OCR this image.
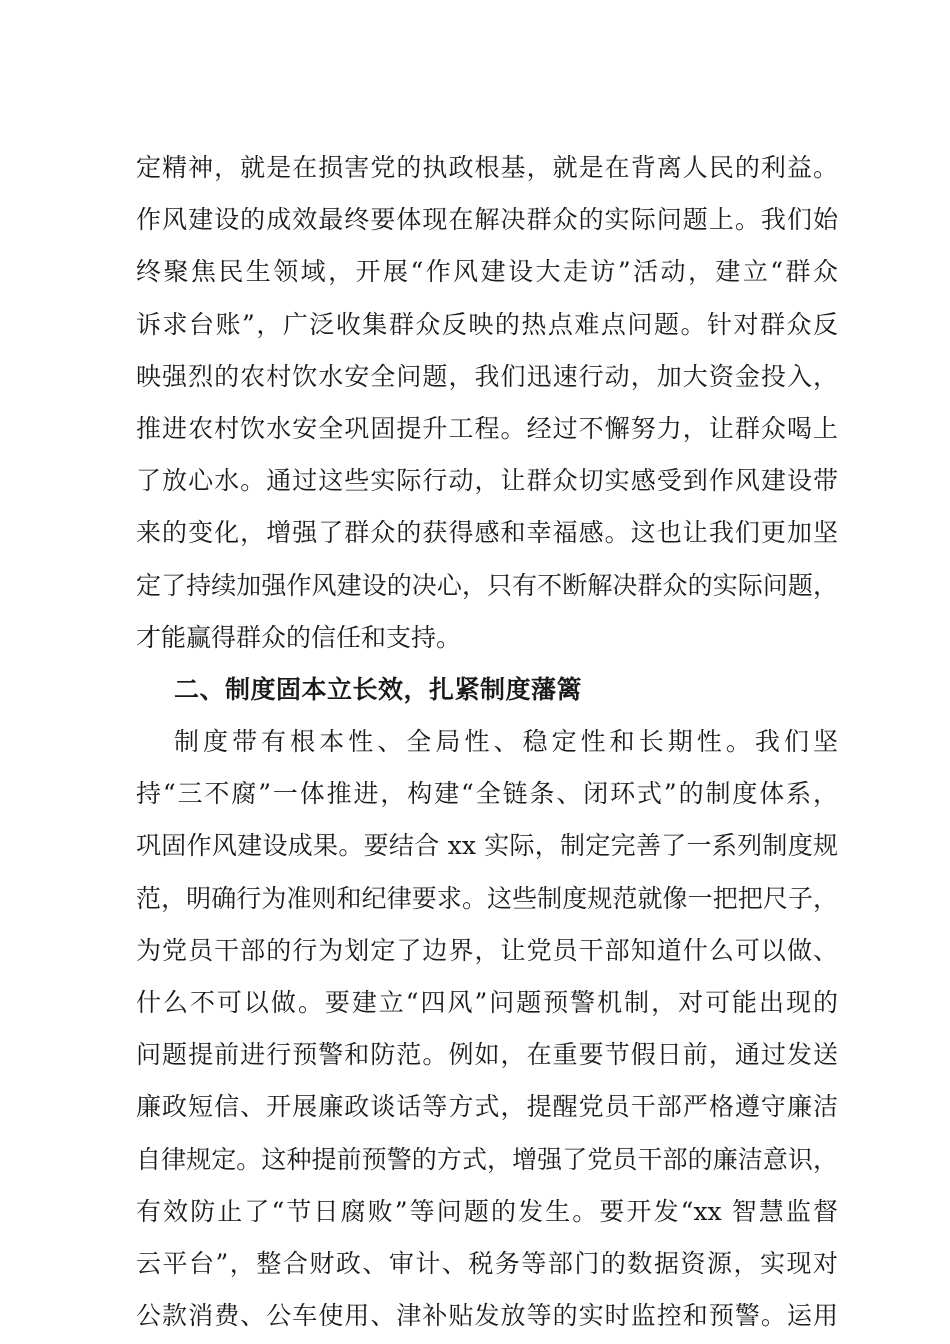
定精神，就是在损害党的执政根基，就是在背离人民的利益。
作风建设的成效最终要体现在解决群众的实际问题上。我们始
终聚焦民生领域，开展“作风建设大走访”活动，建立“群众
诉求台账”，广泛收集群众反映的热点难点问题。针对群众反
映强烈的农村饮水安全问题，我们迅速行动，加大资金投入，
推进农村饮水安全巩固提升工程。经过不懈努力，让群众喝上
了放心水。通过这些实际行动，让群众切实感受到作风建设带
来的变化，增强了群众的获得感和幸福感。这也让我们更加坚
定了持续加强作风建设的决心，只有不断解决群众的实际问题，
才能赢得群众的信任和支持。
二、制度固本立长效，扎紧制度藩篱
制度带有根本性、全局性、稳定性和长期性。我们坚
持“三不腐”一体推进，构建“全链条、闭环式”的制度体系，
巩固作风建设成果。要结合 xx 实际，制定完善了一系列制度规
范，明确行为准则和纪律要求。这些制度规范就像一把把尺子，
为党员干部的行为划定了边界，让党员干部知道什么可以做、
什么不可以做。要建立“四风”问题预警机制，对可能出现的
问题提前进行预警和防范。例如，在重要节假日前，通过发送
廉政短信、开展廉政谈话等方式，提醒党员干部严格遵守廉洁
自律规定。这种提前预警的方式，增强了党员干部的廉洁意识，
有效防止了“节日腐败”等问题的发生。要开发“xx 智慧监督
云平台”，整合财政、审计、税务等部门的数据资源，实现对
公款消费、公车使用、津补贴发放等的实时监控和预警。运用
